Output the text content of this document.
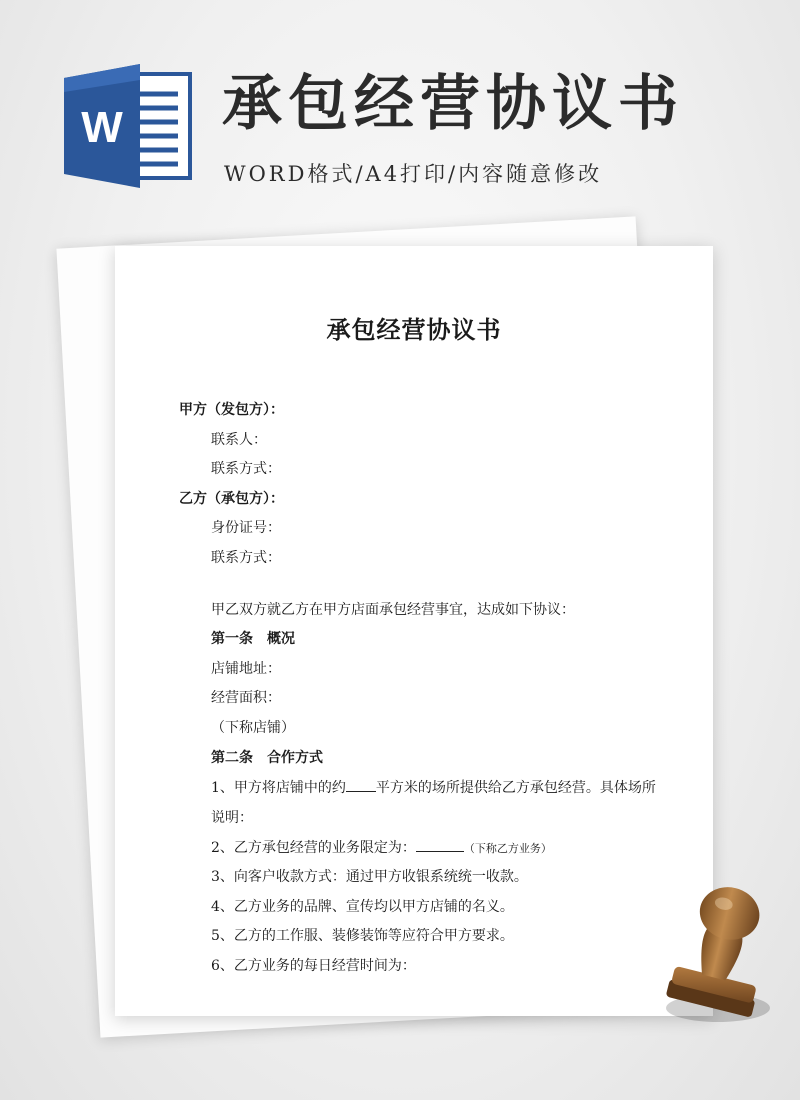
W 承包经营协议书

WORD格式/A4打印/内容随意修改

承包经营协议书
甲方（发包方）：
联系人：
联系方式：
乙方（承包方）：
身份证号：
联系方式：
甲乙双方就乙方在甲方店面承包经营事宜，达成如下协议：
第一条　概况
店铺地址：
经营面积：
（下称店铺）
第二条　合作方式
1、甲方将店铺中的约 平方米的场所提供给乙方承包经营。具体场所说明：
2、乙方承包经营的业务限定为：	（下称乙方业务）
3、向客户收款方式：通过甲方收银系统统一收款。
4、乙方业务的品牌、宣传均以甲方店铺的名义。
5、乙方的工作服、装修装饰等应符合甲方要求。
6、乙方业务的每日经营时间为：
